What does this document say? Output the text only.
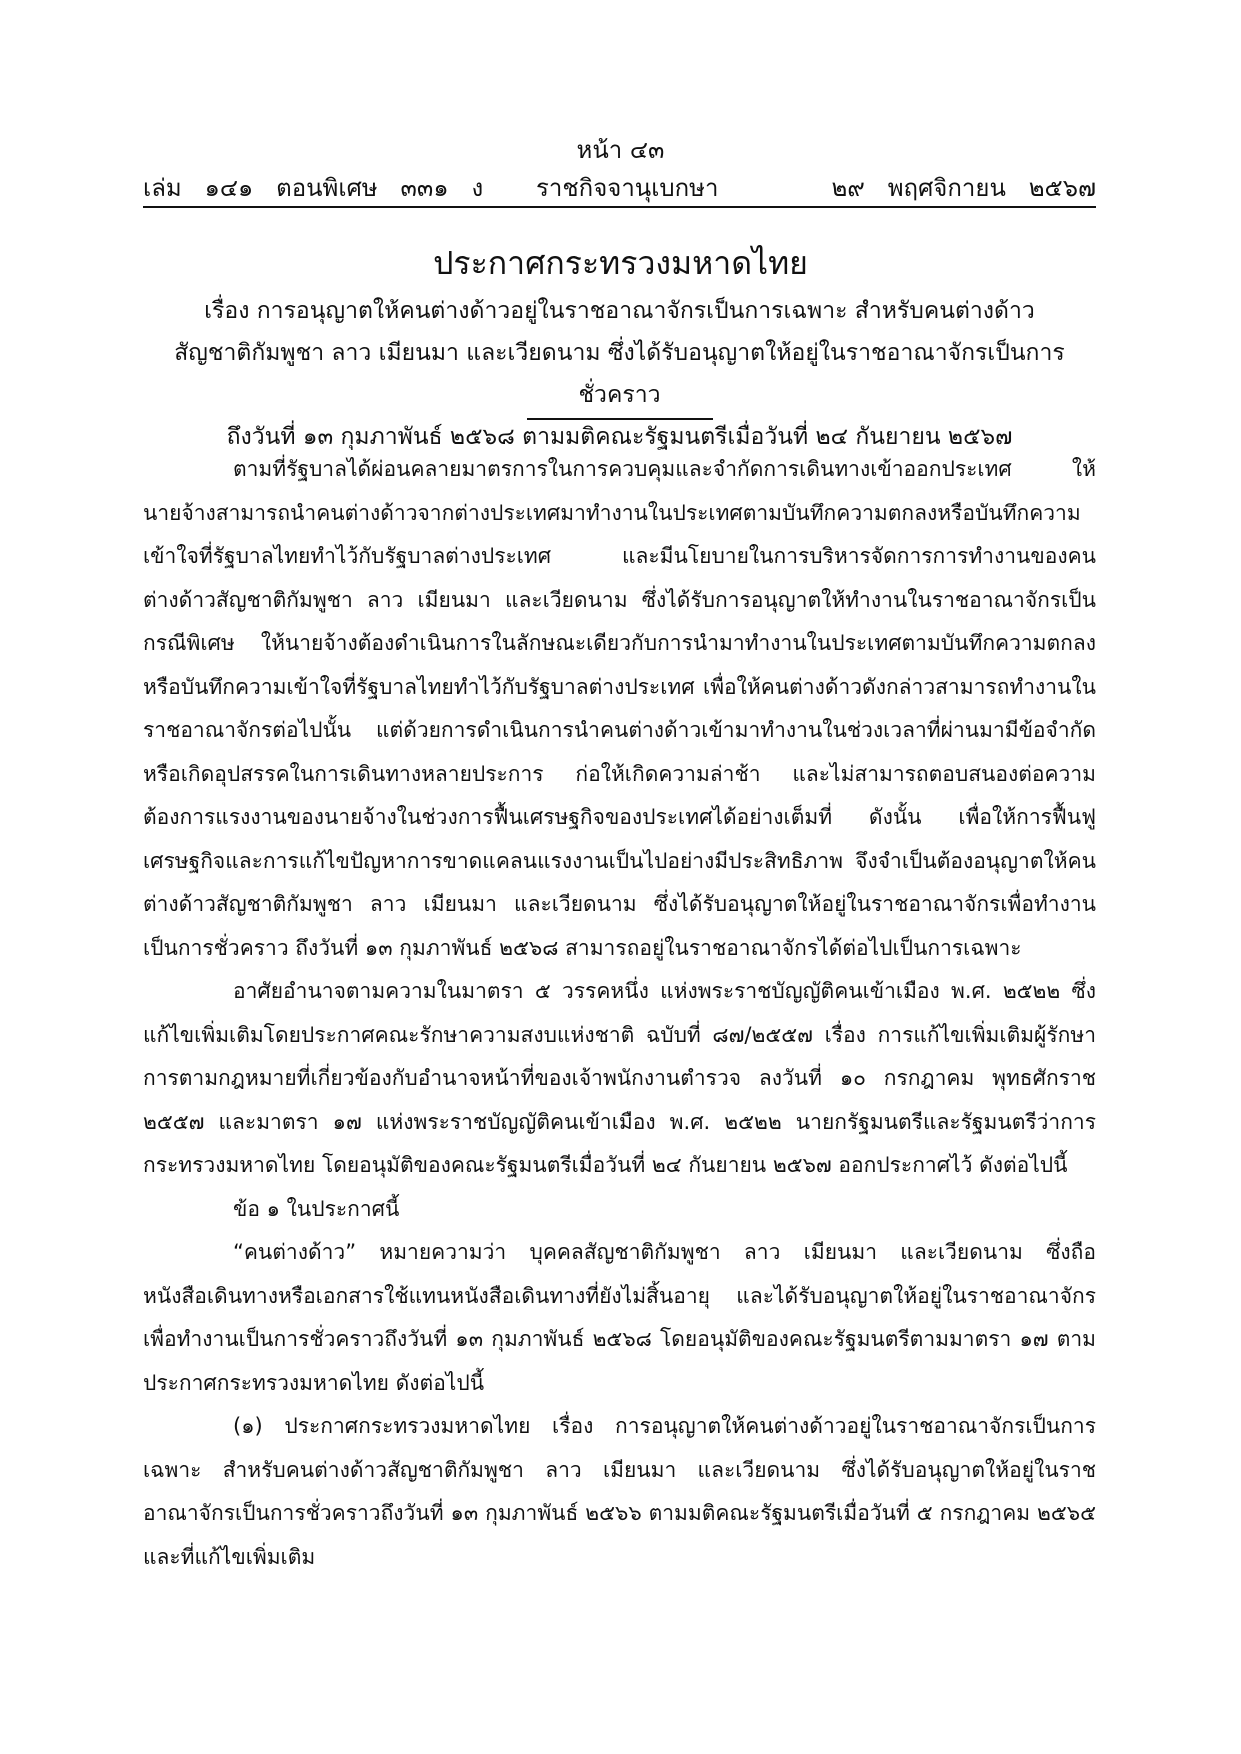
หน้า ๔๓
เล่ม   ๑๔๑   ตอนพิเศษ   ๓๓๑   ง ราชกิจจานุเบกษา	๒๙   พฤศจิกายน   ๒๕๖๗
ประกาศกระทรวงมหาดไทย
เรื่อง การอนุญาตให้คนต่างด้าวอยู่ในราชอาณาจักรเป็นการเฉพาะ สำหรับคนต่างด้าว
สัญชาติกัมพูชา ลาว เมียนมา และเวียดนาม ซึ่งได้รับอนุญาตให้อยู่ในราชอาณาจักรเป็นการชั่วคราว
ถึงวันที่ ๑๓ กุมภาพันธ์ ๒๕๖๘ ตามมติคณะรัฐมนตรีเมื่อวันที่ ๒๔ กันยายน ๒๕๖๗

ตามที่รัฐบาลได้ผ่อนคลายมาตรการในการควบคุมและจำกัดการเดินทางเข้าออกประเทศ ให้นายจ้างสามารถนำคนต่างด้าวจากต่างประเทศมาทำงานในประเทศตามบันทึกความตกลงหรือบันทึกความเข้าใจที่รัฐบาลไทยทำไว้กับรัฐบาลต่างประเทศ และมีนโยบายในการบริหารจัดการการทำงานของคนต่างด้าวสัญชาติกัมพูชา ลาว เมียนมา และเวียดนาม ซึ่งได้รับการอนุญาตให้ทำงานในราชอาณาจักรเป็นกรณีพิเศษ ให้นายจ้างต้องดำเนินการในลักษณะเดียวกับการนำมาทำงานในประเทศตามบันทึกความตกลงหรือบันทึกความเข้าใจที่รัฐบาลไทยทำไว้กับรัฐบาลต่างประเทศ เพื่อให้คนต่างด้าวดังกล่าวสามารถทำงานในราชอาณาจักรต่อไปนั้น แต่ด้วยการดำเนินการนำคนต่างด้าวเข้ามาทำงานในช่วงเวลาที่ผ่านมามีข้อจำกัดหรือเกิดอุปสรรคในการเดินทางหลายประการ ก่อให้เกิดความล่าช้า และไม่สามารถตอบสนองต่อความต้องการแรงงานของนายจ้างในช่วงการฟื้นเศรษฐกิจของประเทศได้อย่างเต็มที่ ดังนั้น เพื่อให้การฟื้นฟูเศรษฐกิจและการแก้ไขปัญหาการขาดแคลนแรงงานเป็นไปอย่างมีประสิทธิภาพ จึงจำเป็นต้องอนุญาตให้คนต่างด้าวสัญชาติกัมพูชา ลาว เมียนมา และเวียดนาม ซึ่งได้รับอนุญาตให้อยู่ในราชอาณาจักรเพื่อทำงานเป็นการชั่วคราว ถึงวันที่ ๑๓ กุมภาพันธ์ ๒๕๖๘ สามารถอยู่ในราชอาณาจักรได้ต่อไปเป็นการเฉพาะ

อาศัยอำนาจตามความในมาตรา ๕ วรรคหนึ่ง แห่งพระราชบัญญัติคนเข้าเมือง พ.ศ. ๒๕๒๒ ซึ่งแก้ไขเพิ่มเติมโดยประกาศคณะรักษาความสงบแห่งชาติ ฉบับที่ ๘๗/๒๕๕๗ เรื่อง การแก้ไขเพิ่มเติมผู้รักษาการตามกฎหมายที่เกี่ยวข้องกับอำนาจหน้าที่ของเจ้าพนักงานตำรวจ ลงวันที่ ๑๐ กรกฎาคม พุทธศักราช ๒๕๕๗ และมาตรา ๑๗ แห่งพระราชบัญญัติคนเข้าเมือง พ.ศ. ๒๕๒๒ นายกรัฐมนตรีและรัฐมนตรีว่าการกระทรวงมหาดไทย โดยอนุมัติของคณะรัฐมนตรีเมื่อวันที่ ๒๔ กันยายน ๒๕๖๗ ออกประกาศไว้ ดังต่อไปนี้

ข้อ ๑ ในประกาศนี้

“คนต่างด้าว” หมายความว่า บุคคลสัญชาติกัมพูชา ลาว เมียนมา และเวียดนาม ซึ่งถือหนังสือเดินทางหรือเอกสารใช้แทนหนังสือเดินทางที่ยังไม่สิ้นอายุ และได้รับอนุญาตให้อยู่ในราชอาณาจักรเพื่อทำงานเป็นการชั่วคราวถึงวันที่ ๑๓ กุมภาพันธ์ ๒๕๖๘ โดยอนุมัติของคณะรัฐมนตรีตามมาตรา ๑๗ ตามประกาศกระทรวงมหาดไทย ดังต่อไปนี้

(๑) ประกาศกระทรวงมหาดไทย เรื่อง การอนุญาตให้คนต่างด้าวอยู่ในราชอาณาจักรเป็นการเฉพาะ สำหรับคนต่างด้าวสัญชาติกัมพูชา ลาว เมียนมา และเวียดนาม ซึ่งได้รับอนุญาตให้อยู่ในราชอาณาจักรเป็นการชั่วคราวถึงวันที่ ๑๓ กุมภาพันธ์ ๒๕๖๖ ตามมติคณะรัฐมนตรีเมื่อวันที่ ๕ กรกฎาคม ๒๕๖๕ และที่แก้ไขเพิ่มเติม
